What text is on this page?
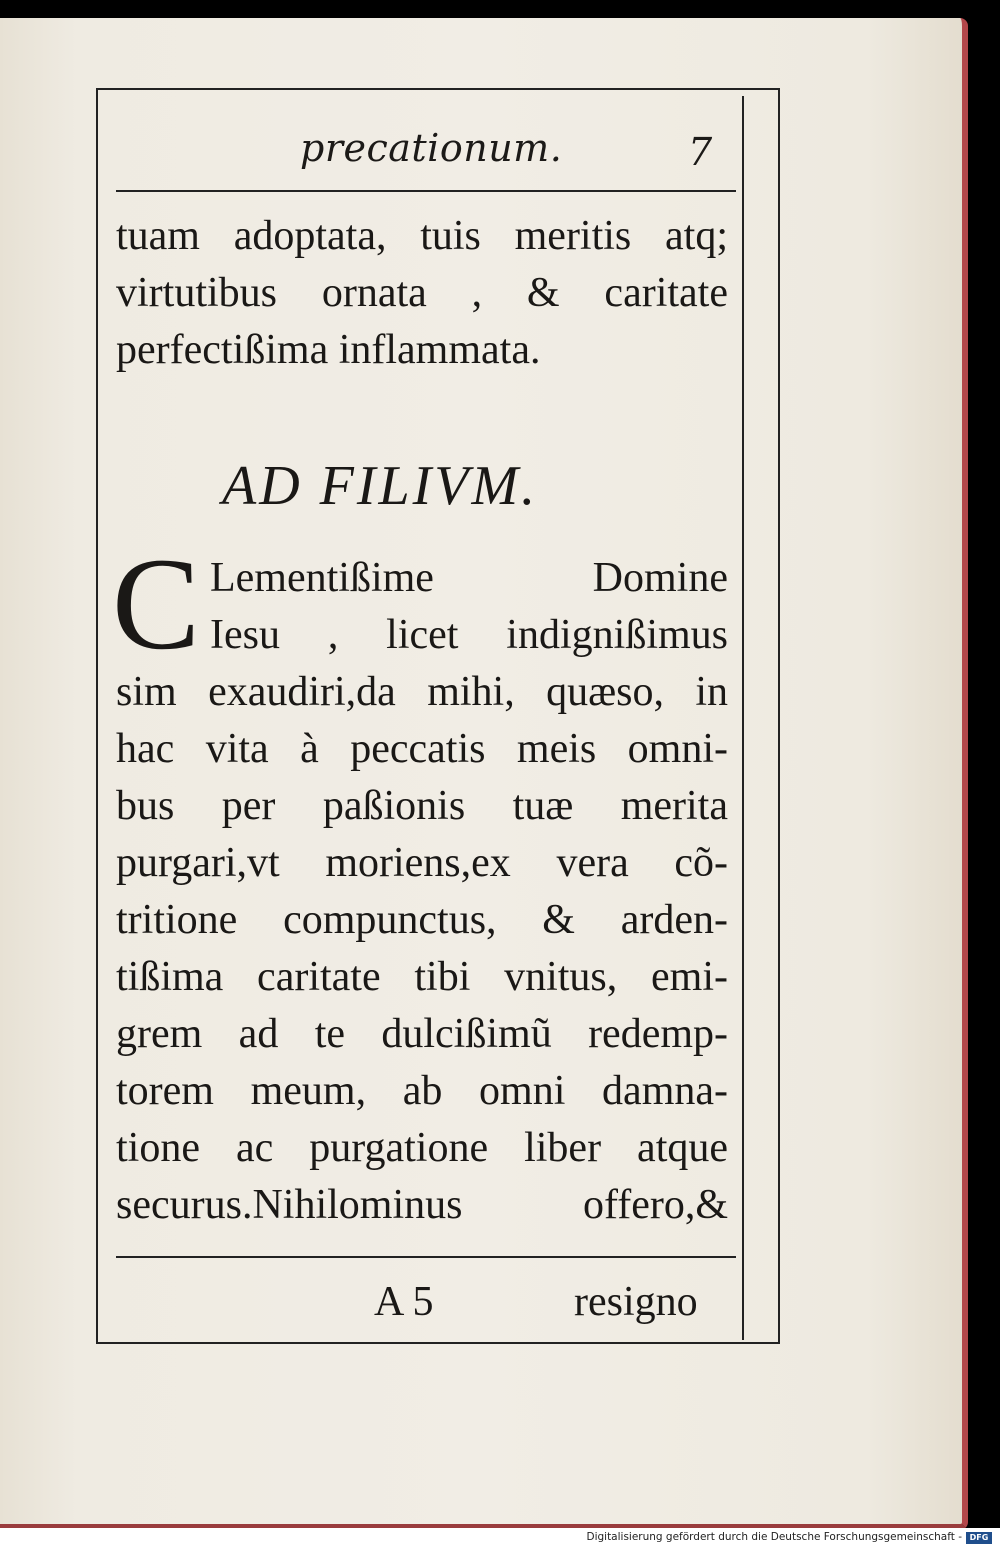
precationum.	7
tuam adoptata, tuis meritis atq;
virtutibus ornata , & caritate
perfectißima inflammata.
AD FILIVM.
C Lementißime Domine
Iesu , licet indignißimus
sim exaudiri,da mihi, quæso, in
hac vita à peccatis meis omni-
bus per paßionis tuæ merita
purgari,vt moriens,ex vera cõ-
tritione compunctus, & arden-
tißima caritate tibi vnitus, emi-
grem ad te dulcißimũ redemp-
torem meum, ab omni damna-
tione ac purgatione liber atque
securus.Nihilominus offero,&
A 5	resigno
Digitalisierung gefördert durch die Deutsche Forschungsgemeinschaft - DFG
